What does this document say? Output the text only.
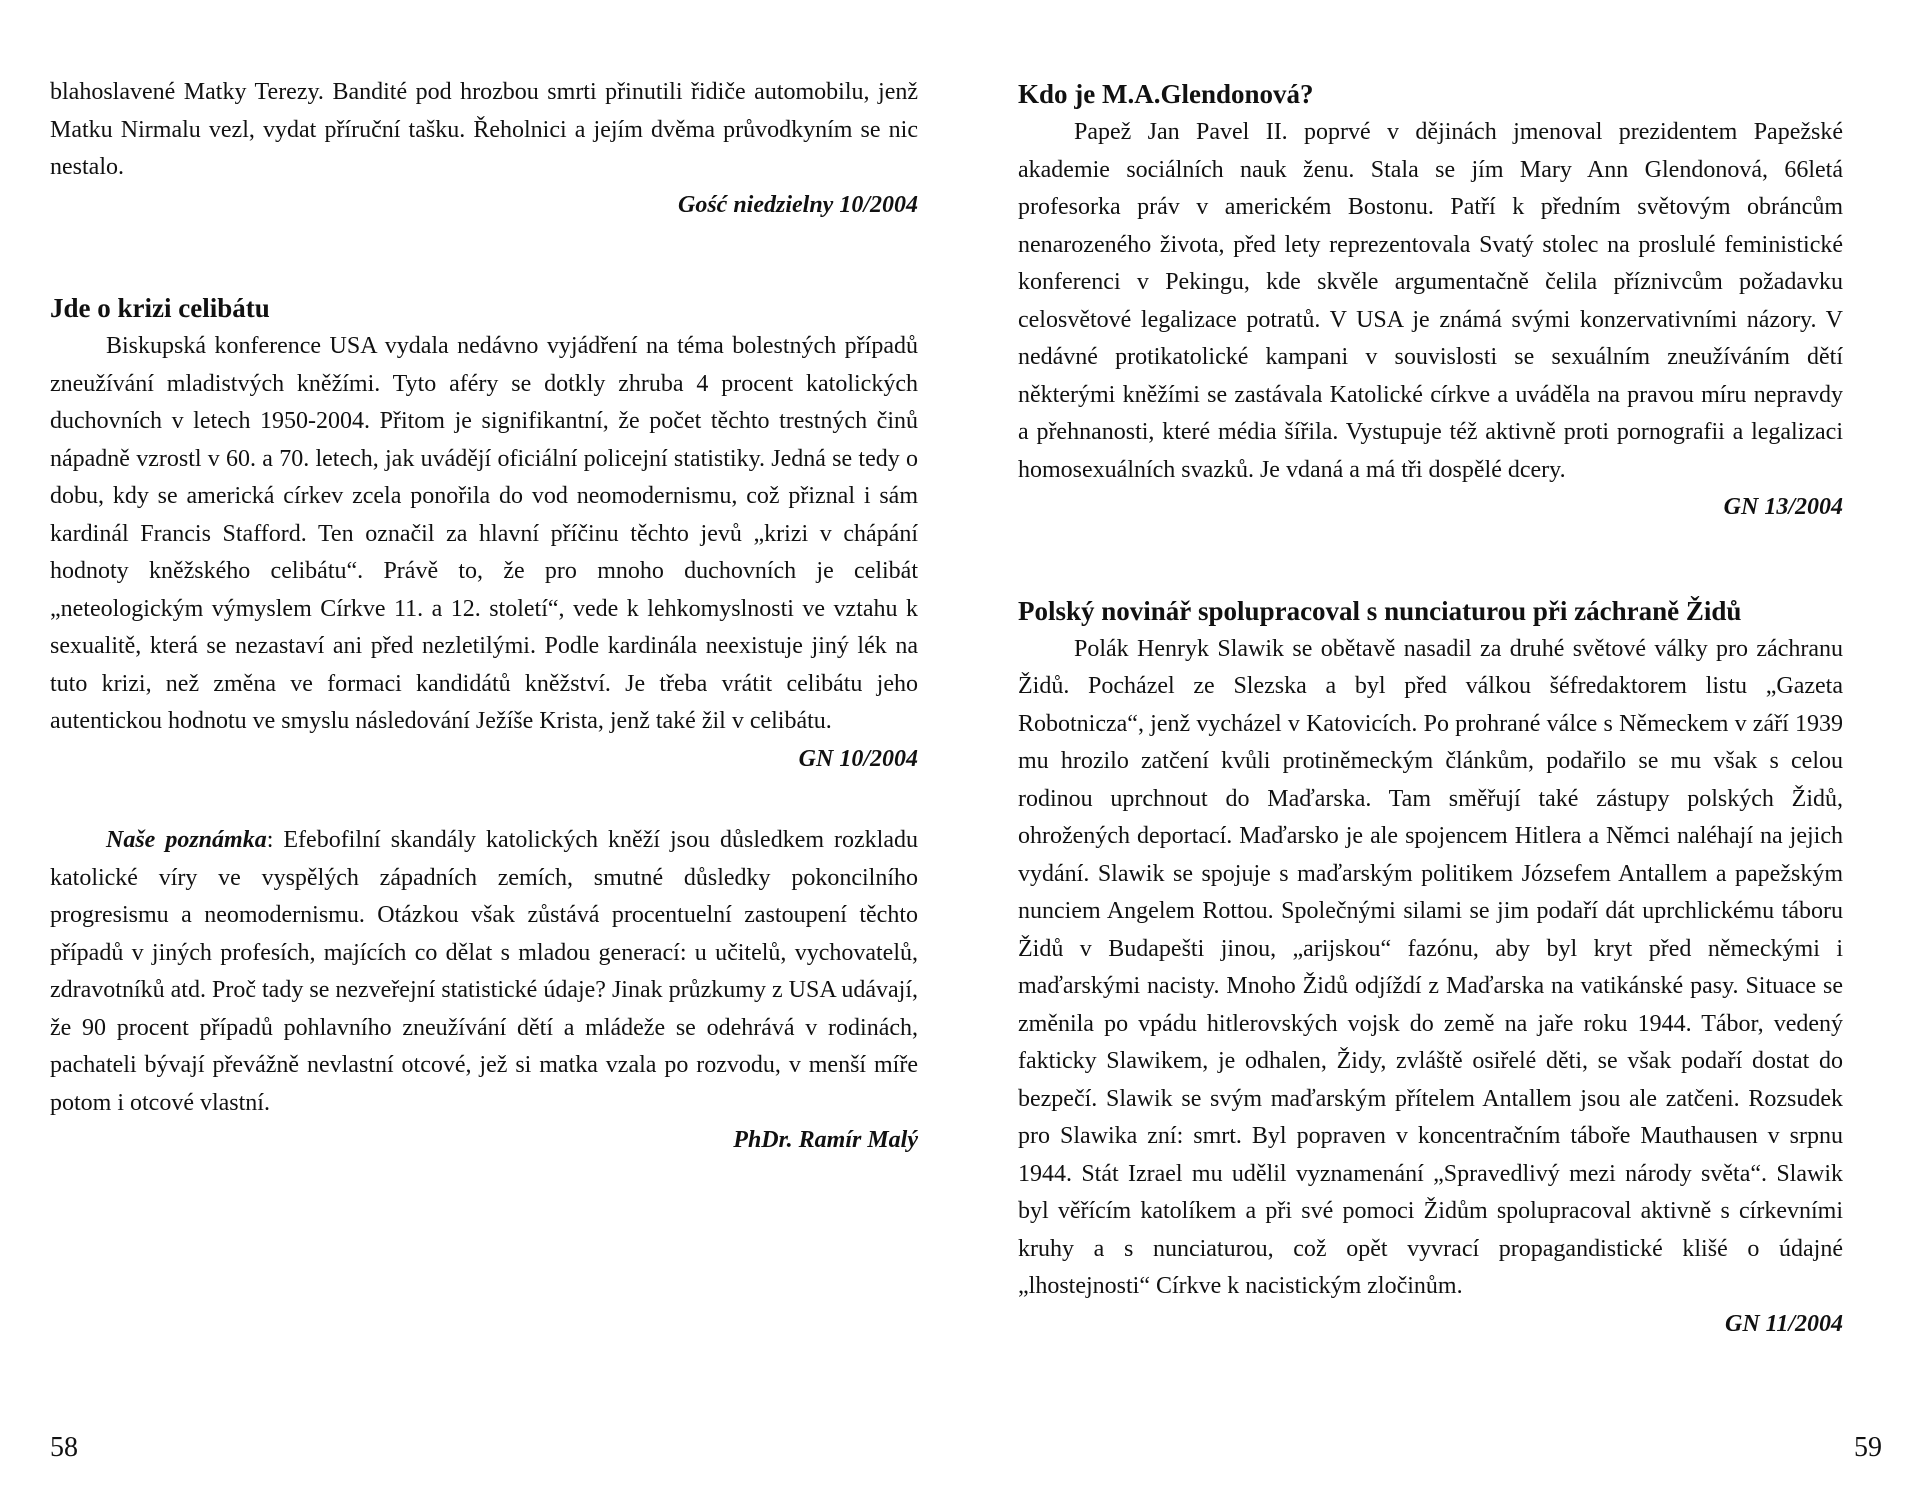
blahoslavené Matky Terezy. Bandité pod hrozbou smrti přinutili řidiče automobilu, jenž Matku Nirmalu vezl, vydat příruční tašku. Řeholnici a jejím dvěma průvodkyním se nic nestalo.

Gość niedzielny 10/2004

Jde o krizi celibátu

Biskupská konference USA vydala nedávno vyjádření na téma bolestných případů zneužívání mladistvých kněžími. Tyto aféry se dotkly zhruba 4 procent katolických duchovních v letech 1950-2004. Přitom je signifikantní, že počet těchto trestných činů nápadně vzrostl v 60. a 70. letech, jak uvádějí oficiální policejní statistiky. Jedná se tedy o dobu, kdy se americká církev zcela ponořila do vod neomodernismu, což přiznal i sám kardinál Francis Stafford. Ten označil za hlavní příčinu těchto jevů „krizi v chápání hodnoty kněžského celibátu“. Právě to, že pro mnoho duchovních je celibát „neteologickým výmyslem Církve 11. a 12. století“, vede k lehkomyslnosti ve vztahu k sexualitě, která se nezastaví ani před nezletilými. Podle kardinála neexistuje jiný lék na tuto krizi, než změna ve formaci kandidátů kněžství. Je třeba vrátit celibátu jeho autentickou hodnotu ve smyslu následování Ježíše Krista, jenž také žil v celibátu.

GN 10/2004

Naše poznámka: Efebofilní skandály katolických kněží jsou důsledkem rozkladu katolické víry ve vyspělých západních zemích, smutné důsledky pokoncilního progresismu a neomodernismu. Otázkou však zůstává procentuelní zastoupení těchto případů v jiných profesích, majících co dělat s mladou generací: u učitelů, vychovatelů, zdravotníků atd. Proč tady se nezveřejní statistické údaje? Jinak průzkumy z USA udávají, že 90 procent případů pohlavního zneužívání dětí a mládeže se odehrává v rodinách, pachateli bývají převážně nevlastní otcové, jež si matka vzala po rozvodu, v menší míře potom i otcové vlastní.

PhDr. Ramír Malý

58
Kdo je M.A.Glendonová?

Papež Jan Pavel II. poprvé v dějinách jmenoval prezidentem Papežské akademie sociálních nauk ženu. Stala se jím Mary Ann Glendonová, 66letá profesorka práv v americkém Bostonu. Patří k předním světovým obráncům nenarozeného života, před lety reprezentovala Svatý stolec na proslulé feministické konferenci v Pekingu, kde skvěle argumentačně čelila příznivcům požadavku celosvětové legalizace potratů. V USA je známá svými konzervativními názory. V nedávné protikatolické kampani v souvislosti se sexuálním zneužíváním dětí některými kněžími se zastávala Katolické církve a uváděla na pravou míru nepravdy a přehnanosti, které média šířila. Vystupuje též aktivně proti pornografii a legalizaci homosexuálních svazků. Je vdaná a má tři dospělé dcery.

GN 13/2004

Polský novinář spolupracoval s nunciaturou při záchraně Židů

Polák Henryk Slawik se obětavě nasadil za druhé světové války pro záchranu Židů. Pocházel ze Slezska a byl před válkou šéfredaktorem listu „Gazeta Robotnicza“, jenž vycházel v Katovicích. Po prohrané válce s Německem v září 1939 mu hrozilo zatčení kvůli protiněmeckým článkům, podařilo se mu však s celou rodinou uprchnout do Maďarska. Tam směřují také zástupy polských Židů, ohrožených deportací. Maďarsko je ale spojencem Hitlera a Němci naléhají na jejich vydání. Slawik se spojuje s maďarským politikem Józsefem Antallem a papežským nunciem Angelem Rottou. Společnými silami se jim podaří dát uprchlickému táboru Židů v Budapešti jinou, „arijskou“ fazónu, aby byl kryt před německými i maďarskými nacisty. Mnoho Židů odjíždí z Maďarska na vatikánské pasy. Situace se změnila po vpádu hitlerovských vojsk do země na jaře roku 1944. Tábor, vedený fakticky Slawikem, je odhalen, Židy, zvláště osiřelé děti, se však podaří dostat do bezpečí. Slawik se svým maďarským přítelem Antallem jsou ale zatčeni. Rozsudek pro Slawika zní: smrt. Byl popraven v koncentračním táboře Mauthausen v srpnu 1944. Stát Izrael mu udělil vyznamenání „Spravedlivý mezi národy světa“. Slawik byl věřícím katolíkem a při své pomoci Židům spolupracoval aktivně s církevními kruhy a s nunciaturou, což opět vyvrací propagandistické klišé o údajné „lhostejnosti“ Církve k nacistickým zločinům.

GN 11/2004

59
